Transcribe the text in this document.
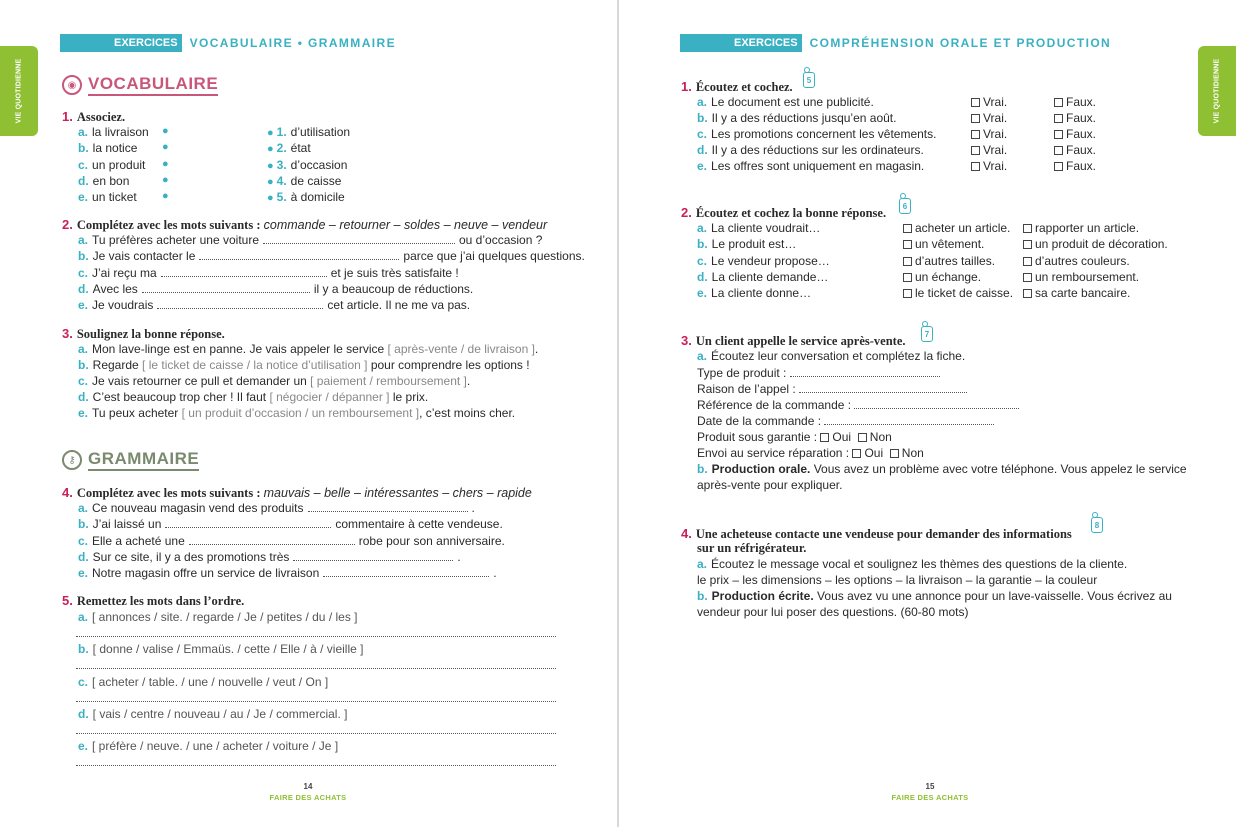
VIE QUOTIDIENNE
EXERCICES	VOCABULAIRE • GRAMMAIRE
◉ VOCABULAIRE
1. Associez.
a. la livraison ●	● 1. d’utilisation
b. la notice ●	● 2. état
c. un produit ●	● 3. d’occasion
d. en bon	●	● 4. de caisse
e. un ticket ●	● 5. à domicile
2. Complétez avec les mots suivants : commande – retourner – soldes – neuve – vendeur
a. Tu préfères acheter une voiture	ou d’occasion ?
b. Je vais contacter le	parce que j’ai quelques questions.
c. J’ai reçu ma	et je suis très satisfaite !
d. Avec les	il y a beaucoup de réductions.
e. Je voudrais	cet article. Il ne me va pas.
3. Soulignez la bonne réponse.
a. Mon lave-linge est en panne. Je vais appeler le service [ après-vente / de livraison ].
b. Regarde [ le ticket de caisse / la notice d’utilisation ] pour comprendre les options !
c. Je vais retourner ce pull et demander un [ paiement / remboursement ].
d. C’est beaucoup trop cher ! Il faut [ négocier / dépanner ] le prix.
e. Tu peux acheter [ un produit d’occasion / un remboursement ], c’est moins cher.
⚷ GRAMMAIRE
4. Complétez avec les mots suivants : mauvais – belle – intéressantes – chers – rapide
a. Ce nouveau magasin vend des produits	.
b. J’ai laissé un	commentaire à cette vendeuse.
c. Elle a acheté une	robe pour son anniversaire.
d. Sur ce site, il y a des promotions très	.
e. Notre magasin offre un service de livraison	.
5. Remettez les mots dans l’ordre.
a. [ annonces / site. / regarde / Je / petites / du / les ]
b. [ donne / valise / Emmaüs. / cette / Elle / à / vieille ]
c. [ acheter / table. / une / nouvelle / veut / On ]
d. [ vais / centre / nouveau / au / Je / commercial. ]
e. [ préfère / neuve. / une / acheter / voiture / Je ]
14
FAIRE DES ACHATS
VIE QUOTIDIENNE
EXERCICES	COMPRÉHENSION ORALE ET PRODUCTION
1. Écoutez et cochez.	5
a. Le document est une publicité.	Vrai.	Faux.
b. Il y a des réductions jusqu’en août.	Vrai.	Faux.
c. Les promotions concernent les vêtements.	Vrai.	Faux.
d. Il y a des réductions sur les ordinateurs.	Vrai.	Faux.
e. Les offres sont uniquement en magasin.	Vrai.	Faux.
2. Écoutez et cochez la bonne réponse.	6
a. La cliente voudrait…	acheter un article.	rapporter un article.
b. Le produit est…	un vêtement.	un produit de décoration.
c. Le vendeur propose…	d’autres tailles.	d’autres couleurs.
d. La cliente demande…	un échange.	un remboursement.
e. La cliente donne…	le ticket de caisse.	sa carte bancaire.
3. Un client appelle le service après-vente.	7
a. Écoutez leur conversation et complétez la fiche.
Type de produit :
Raison de l’appel :
Référence de la commande :
Date de la commande :
Produit sous garantie : Oui Non
Envoi au service réparation : Oui Non
b. Production orale. Vous avez un problème avec votre téléphone. Vous appelez le service
après-vente pour expliquer.
4. Une acheteuse contacte une vendeuse pour demander des informations
8
sur un réfrigérateur.
a. Écoutez le message vocal et soulignez les thèmes des questions de la cliente.
le prix – les dimensions – les options – la livraison – la garantie – la couleur
b. Production écrite. Vous avez vu une annonce pour un lave-vaisselle. Vous écrivez au
vendeur pour lui poser des questions. (60-80 mots)
15
FAIRE DES ACHATS
